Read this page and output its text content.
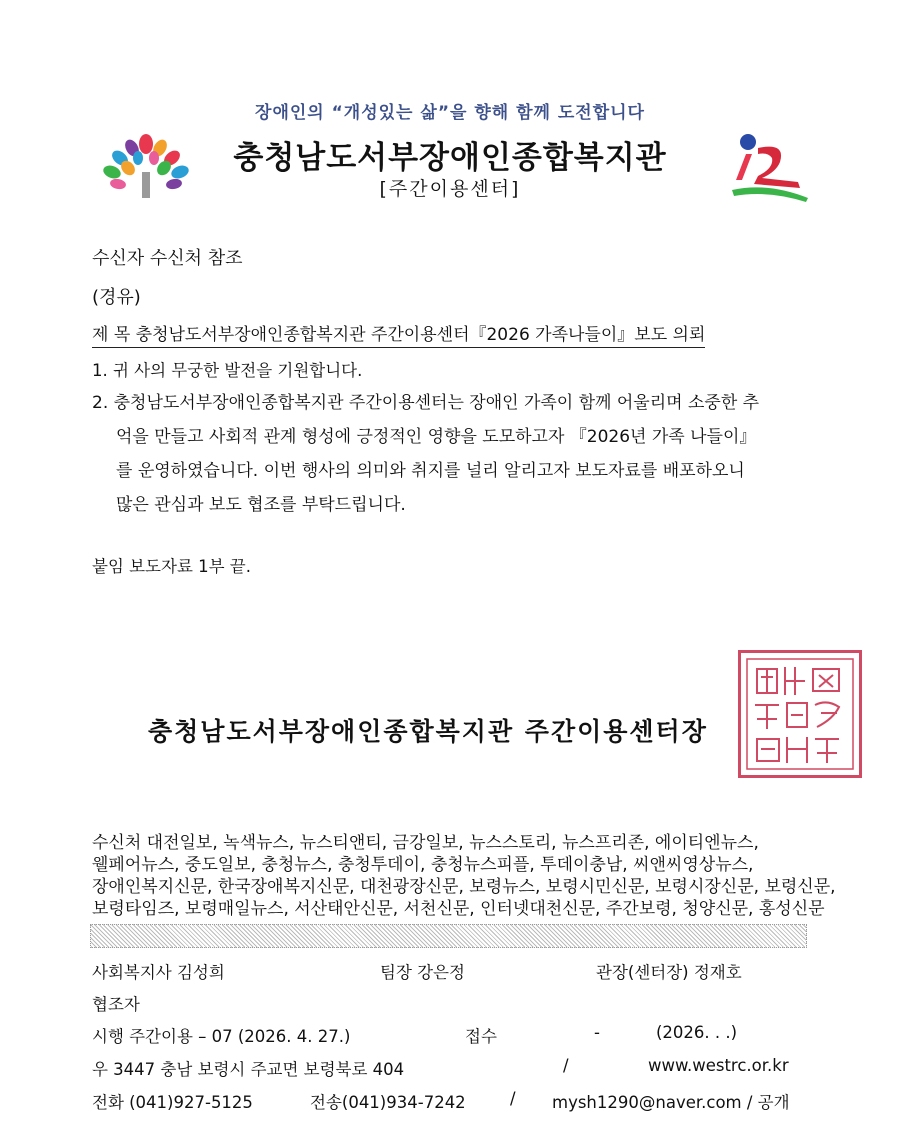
장애인의 “개성있는 삶”을 향해 함께 도전합니다
충청남도서부장애인종합복지관
[주간이용센터]
수신자 수신처 참조
(경유)
제 목 충청남도서부장애인종합복지관 주간이용센터『2026 가족나들이』보도 의뢰
1. 귀 사의 무궁한 발전을 기원합니다.
2. 충청남도서부장애인종합복지관 주간이용센터는 장애인 가족이 함께 어울리며 소중한 추
억을 만들고 사회적 관계 형성에 긍정적인 영향을 도모하고자 『2026년 가족 나들이』
를 운영하였습니다. 이번 행사의 의미와 취지를 널리 알리고자 보도자료를 배포하오니
많은 관심과 보도 협조를 부탁드립니다.
붙임 보도자료 1부 끝.
충청남도서부장애인종합복지관 주간이용센터장
수신처 대전일보, 녹색뉴스, 뉴스티앤티, 금강일보, 뉴스스토리, 뉴스프리존, 에이티엔뉴스,
웰페어뉴스, 중도일보, 충청뉴스, 충청투데이, 충청뉴스피플, 투데이충남, 씨앤씨영상뉴스,
장애인복지신문, 한국장애복지신문, 대천광장신문, 보령뉴스, 보령시민신문, 보령시장신문, 보령신문,
보령타임즈, 보령매일뉴스, 서산태안신문, 서천신문, 인터넷대천신문, 주간보령, 청양신문, 홍성신문
사회복지사 김성희	팀장 강은정	관장(센터장) 정재호
협조자
시행 주간이용 – 07 (2026. 4. 27.)	접수	-	(2026. . .)
우 3447 충남 보령시 주교면 보령북로 404	/	www.westrc.or.kr
전화 (041)927-5125	전송(041)934-7242	/ mysh1290@naver.com / 공개
